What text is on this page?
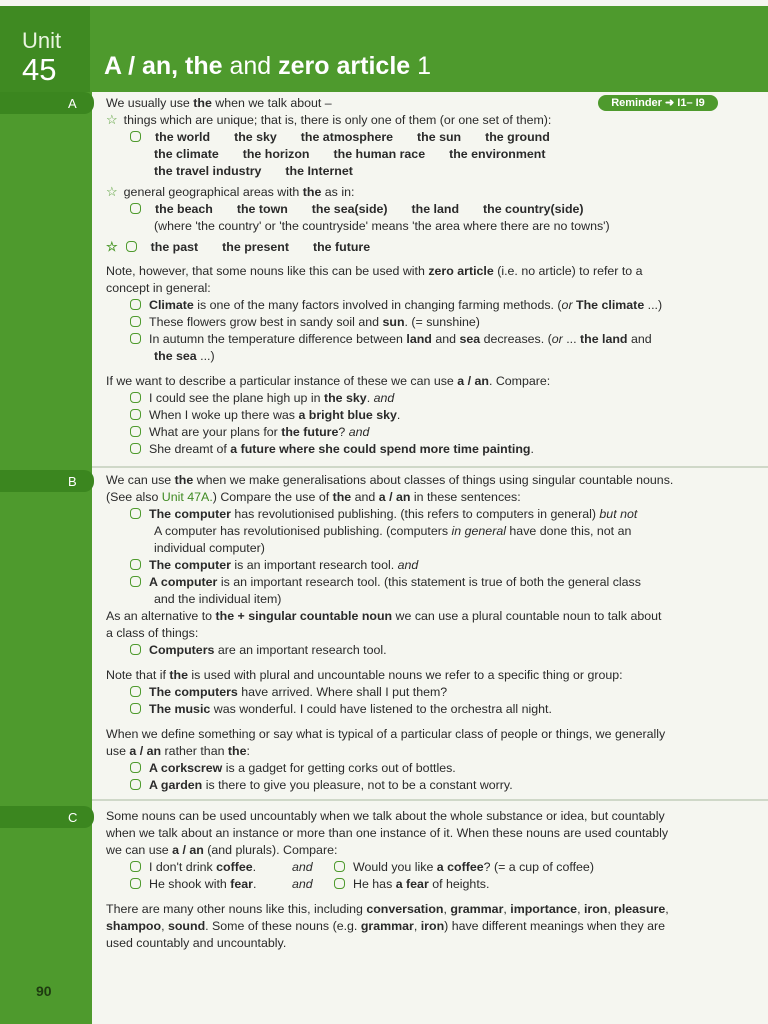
Unit
45 A / an, the and zero article 1
A
B
C
90
Reminder ➜ I1– I9
We usually use the when we talk about –
☆ things which are unique; that is, there is only one of them (or one set of them):
the world the sky the atmosphere the sun the ground
the climate the horizon the human race the environment
the travel industry the Internet
☆ general geographical areas with the as in:
the beach the town the sea(side) the land the country(side)
(where 'the country' or 'the countryside' means 'the area where there are no towns')
☆	the past the present the future
Note, however, that some nouns like this can be used with zero article (i.e. no article) to refer to a
concept in general:
Climate is one of the many factors involved in changing farming methods. (or The climate ...)
These flowers grow best in sandy soil and sun. (= sunshine)
In autumn the temperature difference between land and sea decreases. (or ... the land and
the sea ...)
If we want to describe a particular instance of these we can use a / an. Compare:
I could see the plane high up in the sky. and
When I woke up there was a bright blue sky.
What are your plans for the future? and
She dreamt of a future where she could spend more time painting.
We can use the when we make generalisations about classes of things using singular countable nouns.
(See also Unit 47A.) Compare the use of the and a / an in these sentences:
The computer has revolutionised publishing. (this refers to computers in general) but not
A computer has revolutionised publishing. (computers in general have done this, not an
individual computer)
The computer is an important research tool. and
A computer is an important research tool. (this statement is true of both the general class
and the individual item)
As an alternative to the + singular countable noun we can use a plural countable noun to talk about
a class of things:
Computers are an important research tool.
Note that if the is used with plural and uncountable nouns we refer to a specific thing or group:
The computers have arrived. Where shall I put them?
The music was wonderful. I could have listened to the orchestra all night.
When we define something or say what is typical of a particular class of people or things, we generally
use a / an rather than the:
A corkscrew is a gadget for getting corks out of bottles.
A garden is there to give you pleasure, not to be a constant worry.
Some nouns can be used uncountably when we talk about the whole substance or idea, but countably
when we talk about an instance or more than one instance of it. When these nouns are used countably
we can use a / an (and plurals). Compare:
I don't drink coffee.	and	Would you like a coffee? (= a cup of coffee)
He shook with fear.	and	He has a fear of heights.
There are many other nouns like this, including conversation, grammar, importance, iron, pleasure,
shampoo, sound. Some of these nouns (e.g. grammar, iron) have different meanings when they are
used countably and uncountably.
